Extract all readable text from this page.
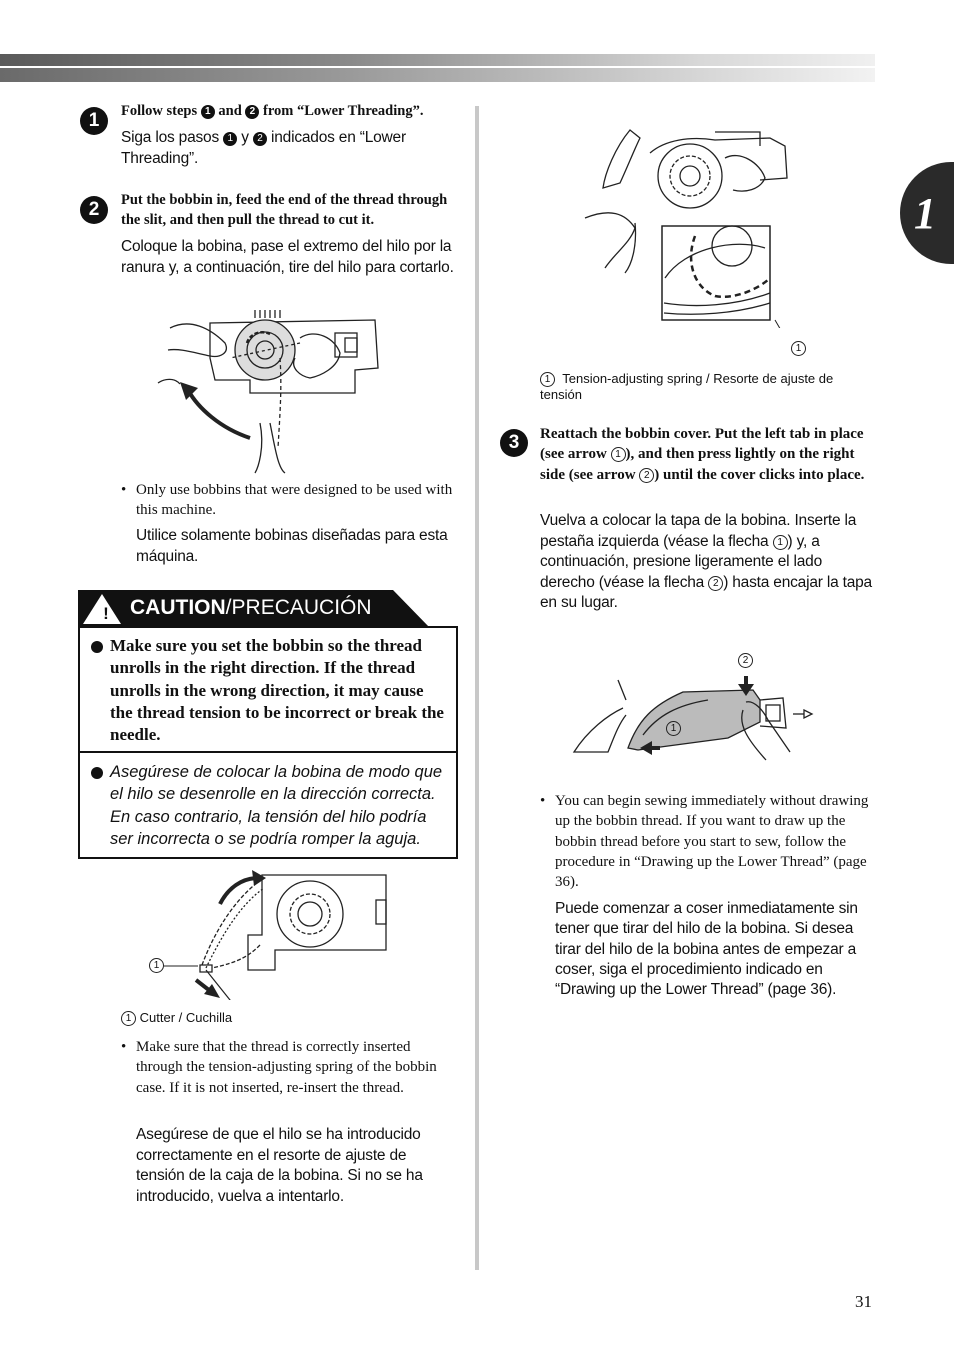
1
1	Follow steps 1 and 2 from “Lower Threading”.
Siga los pasos 1 y 2 indicados en “Lower Threading”.
2	Put the bobbin in, feed the end of the thread through the slit, and then pull the thread to cut it.
Coloque la bobina, pase el extremo del hilo por la ranura y, a continuación, tire del hilo para cortarlo.
• Only use bobbins that were designed to be used with this machine.
Utilice solamente bobinas diseñadas para esta máquina.
!	CAUTION/PRECAUCIÓN
Make sure you set the bobbin so the thread unrolls in the right direction. If the thread unrolls in the wrong direction, it may cause the thread tension to be incorrect or break the needle.
Asegúrese de colocar la bobina de modo que el hilo se desenrolle en la dirección correcta. En caso contrario, la tensión del hilo podría ser incorrecta o se podría romper la aguja.
1
1 Cutter / Cuchilla
• Make sure that the thread is correctly inserted through the tension-adjusting spring of the bobbin case. If it is not inserted, re-insert the thread.
Asegúrese de que el hilo se ha introducido correctamente en el resorte de ajuste de tensión de la caja de la bobina. Si no se ha introducido, vuelva a intentarlo.
1
1 Tension-adjusting spring / Resorte de ajuste de tensión
3	Reattach the bobbin cover. Put the left tab in place (see arrow 1 ), and then press lightly on the right side (see arrow 2 ) until the cover clicks into place.
Vuelva a colocar la tapa de la bobina. Inserte la pestaña izquierda (véase la flecha 1 ) y, a continuación, presione ligeramente el lado derecho (véase la flecha 2 ) hasta encajar la tapa en su lugar.
2
1
• You can begin sewing immediately without drawing up the bobbin thread. If you want to draw up the bobbin thread before you start to sew, follow the procedure in “Drawing up the Lower Thread” (page 36).
Puede comenzar a coser inmediatamente sin tener que tirar del hilo de la bobina. Si desea tirar del hilo de la bobina antes de empezar a coser, siga el procedimiento indicado en “Drawing up the Lower Thread” (page 36).
31
